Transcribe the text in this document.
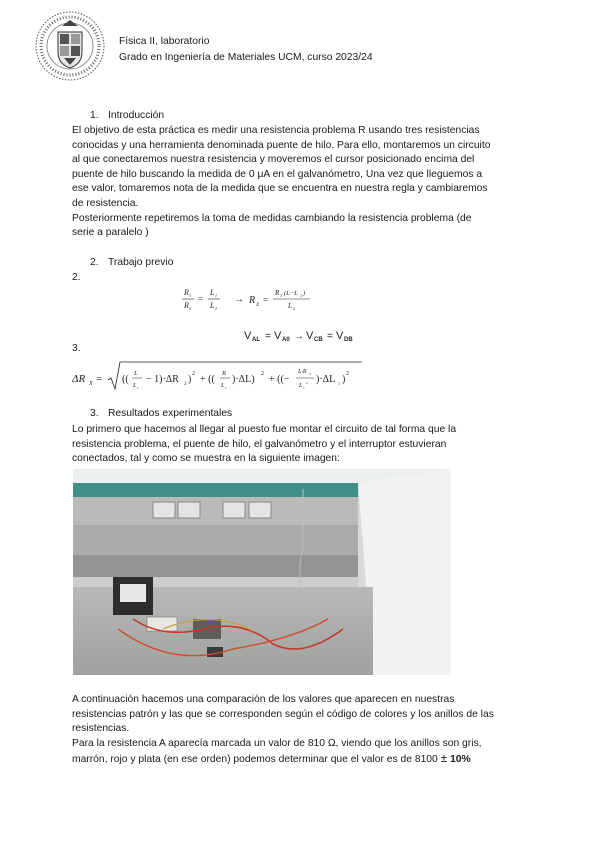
Física II, laboratorio
Grado en Ingeniería de Materiales UCM, curso 2023/24
1. Introducción
El objetivo de esta práctica es medir una resistencia problema R usando tres resistencias
conocidas y una herramienta denominada puente de hilo. Para ello, montaremos un circuito
al que conectaremos nuestra resistencia y moveremos el cursor posicionado encima del
puente de hilo buscando la medida de 0 μA en el galvanómetro, Una vez que lleguemos a
ese valor, tomaremos nota de la medida que se encuentra en nuestra regla y cambiaremos
de resistencia.
Posteriormente repetiremos la toma de medidas cambiando la resistencia problema (de
serie a paralelo )
2. Trabajo previo
2.
R 3
R x
=
L 1
L 2
→ R X
=
R 3 (L−L 1 )
L 2
V AL = V A0 → V CB = V DB
3.
ΔR X = ((
L
L 1
− 1)·ΔR 3 ) 2 + ((
R
L 1
)·ΔL) 2 + ((−
L·R 3
L 1
2 )·ΔL 1 ) 2
3. Resultados experimentales
Lo primero que hacemos al llegar al puesto fue montar el circuito de tal forma que la
resistencia problema, el puente de hilo, el galvanómetro y el interruptor estuvieran
conectados, tal y como se muestra en la siguiente imagen:
A continuación hacemos una comparación de los valores que aparecen en nuestras
resistencias patrón y las que se corresponden según el código de colores y los anillos de las
resistencias.
Para la resistencia A aparecía marcada un valor de 810 Ω, viendo que los anillos son gris,
marrón, rojo y plata (en ese orden) podemos determinar que el valor es de 8100 ± 10%
